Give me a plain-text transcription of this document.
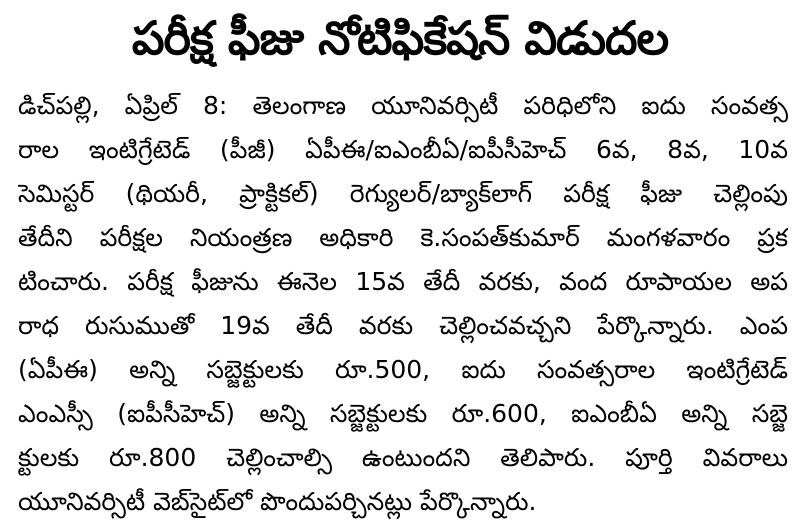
పరీక్ష ఫీజు నోటిఫికేషన్ విడుదల
డిచ్‌పల్లి, ఏప్రిల్ 8: తెలంగాణ యూనివర్సిటీ పరిధిలోని ఐదు సంవత్స
రాల ఇంటిగ్రేటెడ్ (పీజీ) ఏపీఈ/ఐఎంబీఏ/ఐపీసీహెచ్ 6వ, 8వ, 10వ
సెమిస్టర్ (థియరీ, ప్రాక్టికల్) రెగ్యులర్/బ్యాక్‌లాగ్ పరీక్ష ఫీజు చెల్లింపు
తేదీని పరీక్షల నియంత్రణ అధికారి కె.సంపత్‌కుమార్ మంగళవారం ప్రక
టించారు. పరీక్ష ఫీజును ఈనెల 15వ తేదీ వరకు, వంద రూపాయల అప
రాధ రుసుముతో 19వ తేదీ వరకు చెల్లించవచ్చని పేర్కొన్నారు. ఎంప
(ఏపీఈ) అన్ని సబ్జెక్టులకు రూ.500, ఐదు సంవత్సరాల ఇంటిగ్రేటెడ్
ఎంఎస్సీ (ఐపీసీహెచ్) అన్ని సబ్జెక్టులకు రూ.600, ఐఎంబీఏ అన్ని సబ్జె
క్టులకు రూ.800 చెల్లించాల్సి ఉంటుందని తెలిపారు. పూర్తి వివరాలు
యూనివర్సిటీ వెబ్‌సైట్‌లో పొందుపర్చినట్లు పేర్కొన్నారు.
